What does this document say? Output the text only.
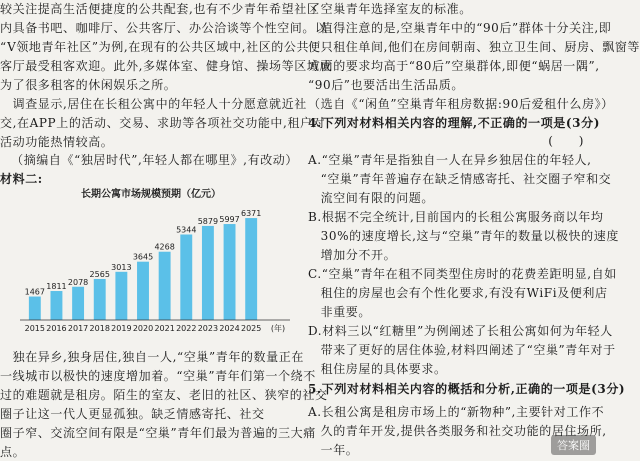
较关注提高生活便捷度的公共配套,也有不少青年希望社区
内具备书吧、咖啡厅、公共客厅、办公洽谈等个性空间。以
“V领地青年社区”为例,在现有的公共区域中,社区的公共
客厅最受租客欢迎。此外,多媒体室、健身馆、操场等区域成
为了很多租客的休闲娱乐之所。
　调查显示,居住在长租公寓中的年轻人十分愿意就近社
交,在APP上的活动、交易、求助等各项社交功能中,租户对
活动功能热情较高。
（摘编自《“独居时代”,年轻人都在哪里》,有改动）
材料二:
长期公寓市场规模预期（亿元）
1467
2015
1811
2016
2078
2017
2565
2018
3013
2019
3645
2020
4268
2021
5344
2022
5879
2023
5997
2024
6371
2025 (年)
　独在异乡,独身居住,独自一人,“空巢”青年的数量正在
一线城市以极快的速度增加着。“空巢”青年们第一个绕不
过的难题就是租房。陌生的室友、老旧的社区、狭窄的社交
圈子让这一代人更显孤独。缺乏情感寄托、社交
圈子窄、交流空间有限是“空巢”青年们最为普遍的三大痛
点。
了空巢青年选择室友的标准。
　值得注意的是,空巢青年中的“90后”群体十分关注,即
便只租住单间,他们在房间朝南、独立卫生间、厨房、飘窗等
方面的要求均高于“80后”空巢群体,即便“蜗居一隅”,
“90后”也要活出生活品质。
（选自《“闲鱼”空巢青年租房数据:90后爱租什么房》）
4.下列对材料相关内容的理解,不正确的一项是(3分)
(　　)
A.“空巢”青年是指独自一人在异乡独居住的年轻人,
　“空巢”青年普遍存在缺乏情感寄托、社交圈子窄和交
　流空间有限的问题。
B.根据不完全统计,目前国内的长租公寓服务商以年均
　30%的速度增长,这与“空巢”青年的数量以极快的速度
　增加分不开。
C.“空巢”青年在租不同类型住房时的花费差距明显,自如
　租住的房屋也会有个性化要求,有没有WiFi及便利店
　非重要。
D.材料三以“红糖里”为例阐述了长租公寓如何为年轻人
　带来了更好的居住体验,材料四阐述了“空巢”青年对于
　租住房屋的具体要求。
5.下列对材料相关内容的概括和分析,正确的一项是(3分)
A.长租公寓是租房市场上的“新物种”,主要针对工作不
　久的青年开发,提供各类服务和社交功能的居住场所,
　一年。	答案圈
